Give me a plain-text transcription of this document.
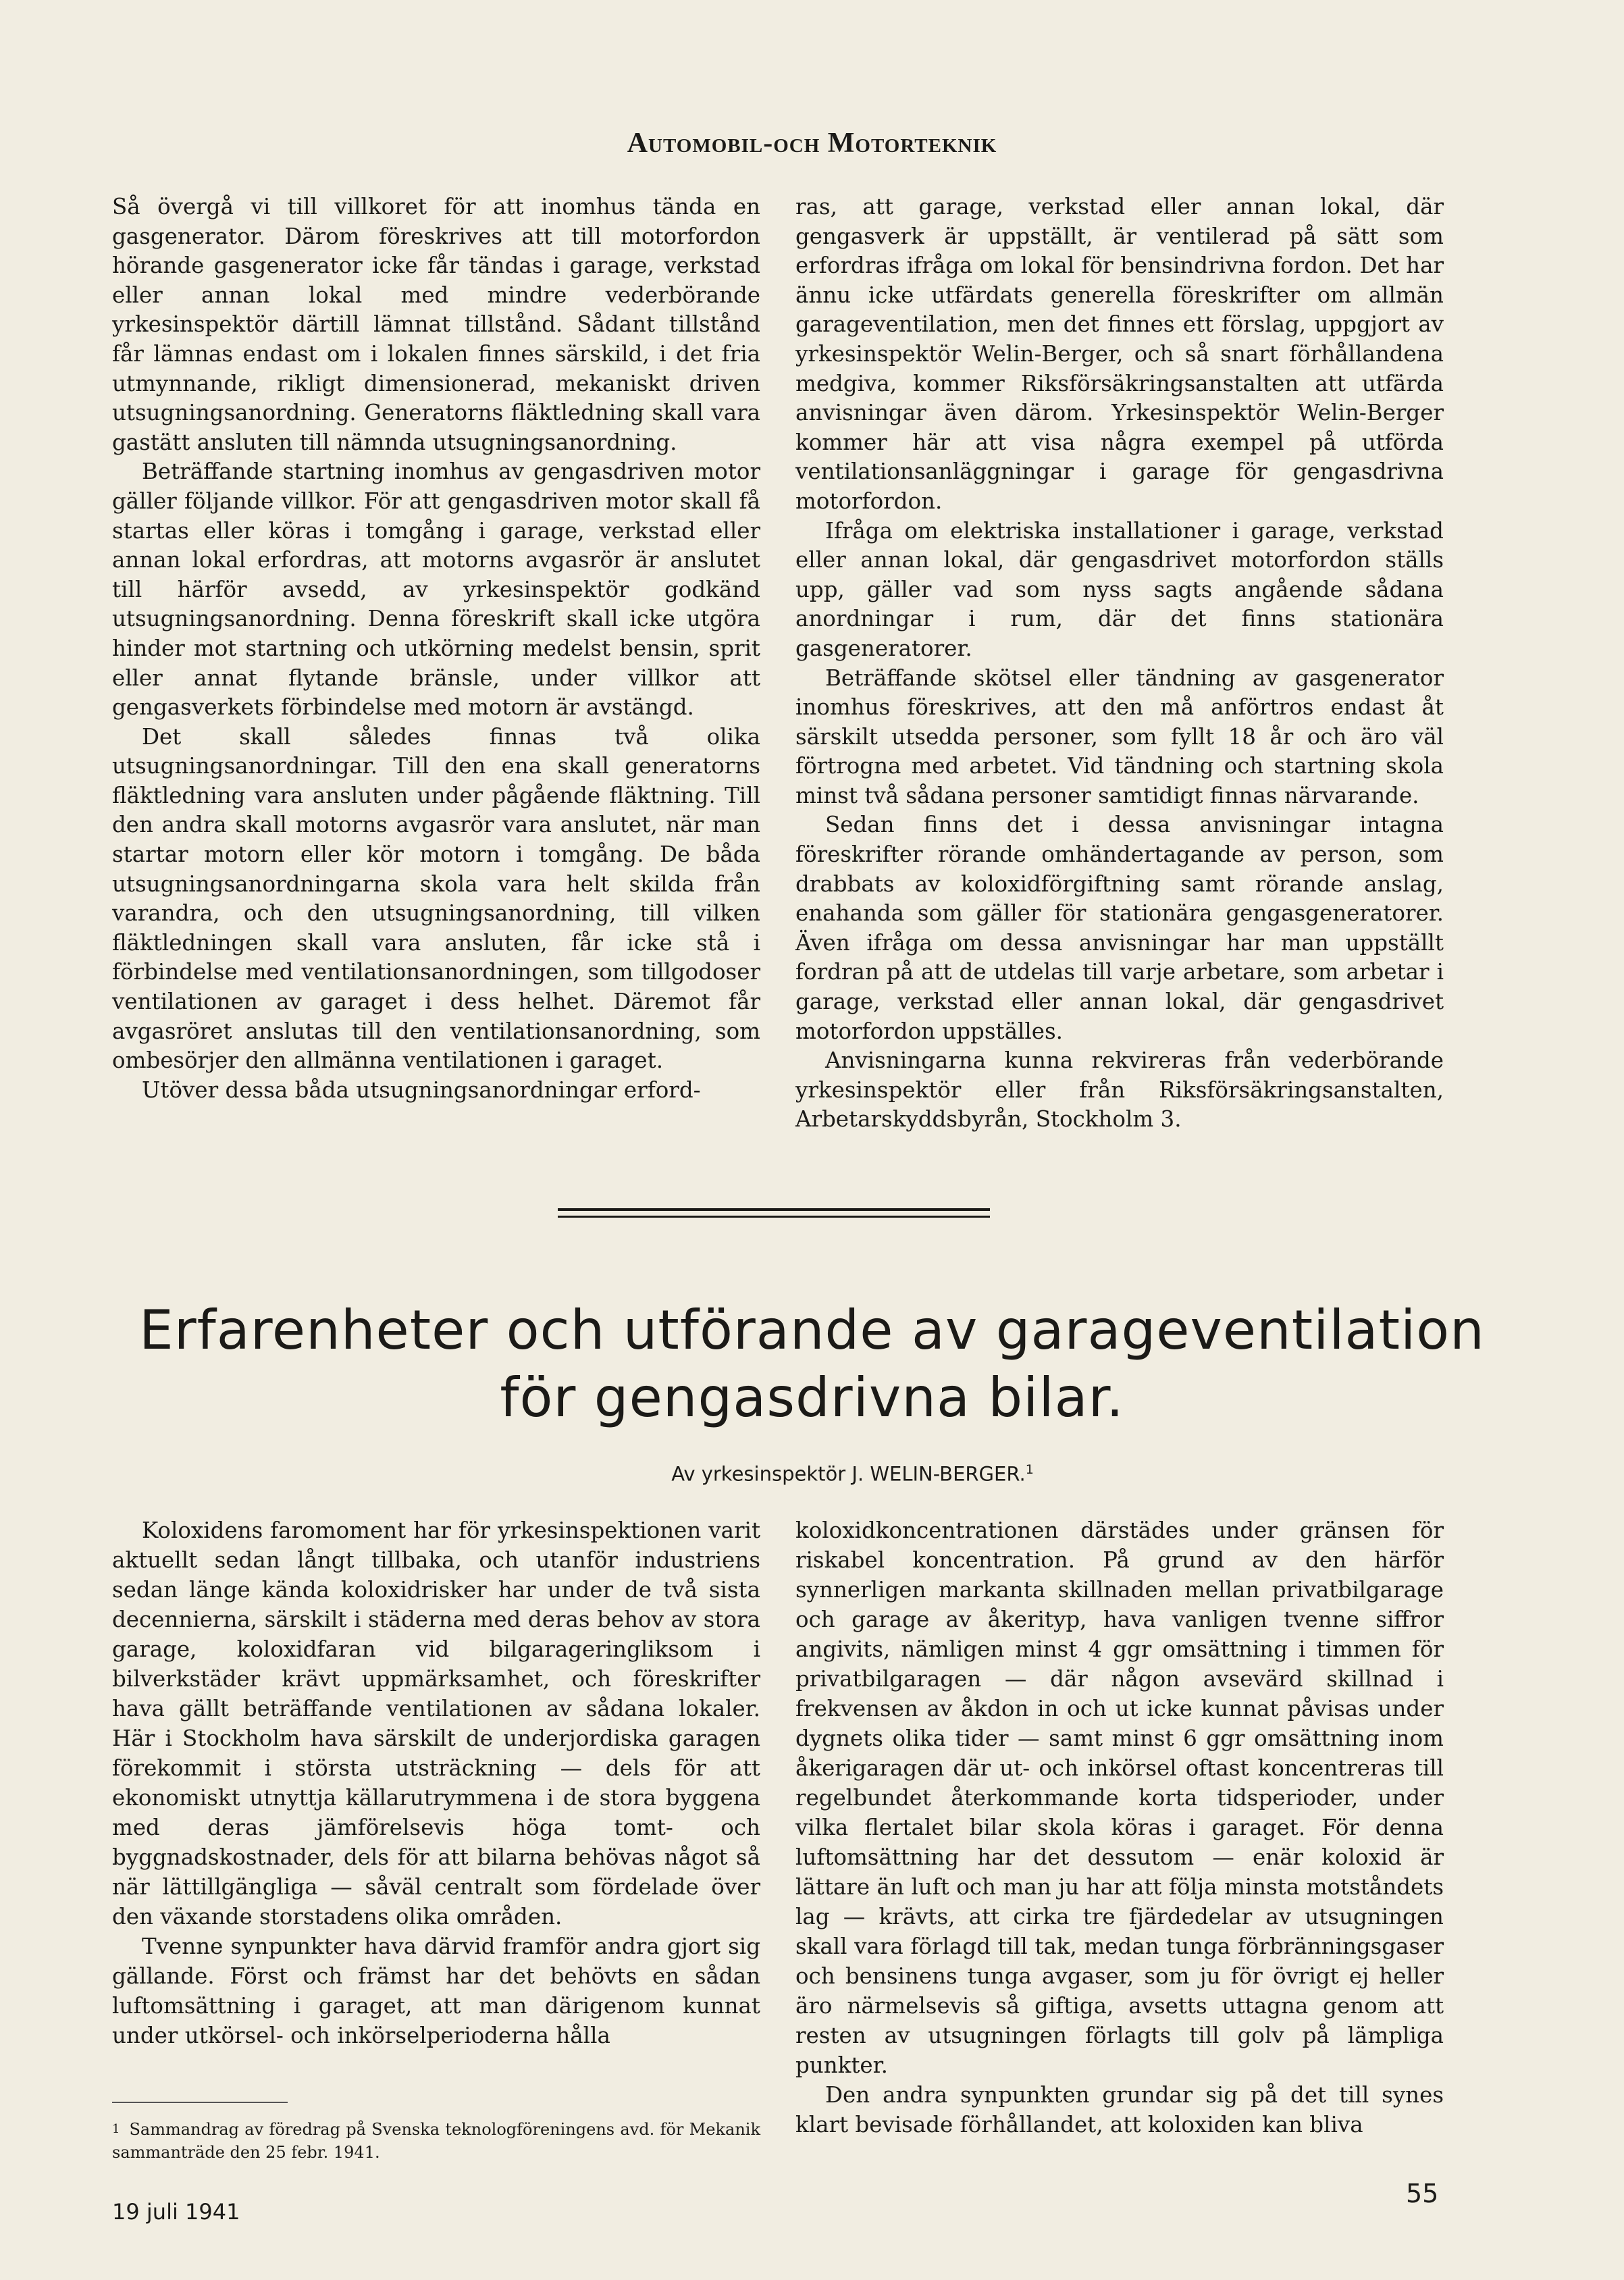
Automobil-och Motorteknik

Så övergå vi till villkoret för att inomhus tända en gasgenerator. Därom föreskrives att till motorfordon hörande gasgenerator icke får tändas i garage, verkstad eller annan lokal med mindre vederbörande yrkesinspektör därtill lämnat tillstånd. Sådant tillstånd får lämnas endast om i lokalen finnes särskild, i det fria utmynnande, rikligt dimensionerad, mekaniskt driven utsugningsanordning. Generatorns fläktledning skall vara gastätt ansluten till nämnda utsugningsanordning.

Beträffande startning inomhus av gengasdriven motor gäller följande villkor. För att gengasdriven motor skall få startas eller köras i tomgång i garage, verkstad eller annan lokal erfordras, att motorns avgasrör är anslutet till härför avsedd, av yrkesinspektör godkänd utsugningsanordning. Denna föreskrift skall icke utgöra hinder mot startning och utkörning medelst bensin, sprit eller annat flytande bränsle, under villkor att gengasverkets förbindelse med motorn är avstängd.

Det skall således finnas två olika utsugningsanordningar. Till den ena skall generatorns fläktledning vara ansluten under pågående fläktning. Till den andra skall motorns avgasrör vara anslutet, när man startar motorn eller kör motorn i tomgång. De båda utsugningsanordningarna skola vara helt skilda från varandra, och den utsugningsanordning, till vilken fläktledningen skall vara ansluten, får icke stå i förbindelse med ventilationsanordningen, som tillgodoser ventilationen av garaget i dess helhet. Däremot får avgasröret anslutas till den ventilationsanordning, som ombesörjer den allmänna ventilationen i garaget.

Utöver dessa båda utsugningsanordningar erford-

ras, att garage, verkstad eller annan lokal, där gengasverk är uppställt, är ventilerad på sätt som erfordras ifråga om lokal för bensindrivna fordon. Det har ännu icke utfärdats generella föreskrifter om allmän garageventilation, men det finnes ett förslag, uppgjort av yrkesinspektör Welin-Berger, och så snart förhållandena medgiva, kommer Riksförsäkringsanstalten att utfärda anvisningar även därom. Yrkesinspektör Welin-Berger kommer här att visa några exempel på utförda ventilationsanläggningar i garage för gengasdrivna motorfordon.

Ifråga om elektriska installationer i garage, verkstad eller annan lokal, där gengasdrivet motorfordon ställs upp, gäller vad som nyss sagts angående sådana anordningar i rum, där det finns stationära gasgeneratorer.

Beträffande skötsel eller tändning av gasgenerator inomhus föreskrives, att den må anförtros endast åt särskilt utsedda personer, som fyllt 18 år och äro väl förtrogna med arbetet. Vid tändning och startning skola minst två sådana personer samtidigt finnas närvarande.

Sedan finns det i dessa anvisningar intagna föreskrifter rörande omhändertagande av person, som drabbats av koloxidförgiftning samt rörande anslag, enahanda som gäller för stationära gengasgeneratorer. Även ifråga om dessa anvisningar har man uppställt fordran på att de utdelas till varje arbetare, som arbetar i garage, verkstad eller annan lokal, där gengasdrivet motorfordon uppställes.

Anvisningarna kunna rekvireras från vederbörande yrkesinspektör eller från Riksförsäkringsanstalten, Arbetarskyddsbyrån, Stockholm 3.

Erfarenheter och utförande av garageventilation
för gengasdrivna bilar.
Av yrkesinspektör J. WELIN-BERGER.$^1$

Koloxidens faromoment har för yrkesinspektionen varit aktuellt sedan långt tillbaka, och utanför industriens sedan länge kända koloxidrisker har under de två sista decennierna, särskilt i städerna med deras behov av stora garage, koloxidfaran vid bilgarageringliksom i bilverkstäder krävt uppmärksamhet, och föreskrifter hava gällt beträffande ventilationen av sådana lokaler. Här i Stockholm hava särskilt de underjordiska garagen förekommit i största utsträckning — dels för att ekonomiskt utnyttja källarutrymmena i de stora byggena med deras jämförelsevis höga tomt- och byggnadskostnader, dels för att bilarna behövas något så när lättillgängliga — såväl centralt som fördelade över den växande storstadens olika områden.

Tvenne synpunkter hava därvid framför andra gjort sig gällande. Först och främst har det behövts en sådan luftomsättning i garaget, att man därigenom kunnat under utkörsel- och inkörselperioderna hålla

koloxidkoncentrationen därstädes under gränsen för riskabel koncentration. På grund av den härför synnerligen markanta skillnaden mellan privatbilgarage och garage av åkerityp, hava vanligen tvenne siffror angivits, nämligen minst 4 ggr omsättning i timmen för privatbilgaragen — där någon avsevärd skillnad i frekvensen av åkdon in och ut icke kunnat påvisas under dygnets olika tider — samt minst 6 ggr omsättning inom åkerigaragen där ut- och inkörsel oftast koncentreras till regelbundet återkommande korta tidsperioder, under vilka flertalet bilar skola köras i garaget. För denna luftomsättning har det dessutom — enär koloxid är lättare än luft och man ju har att följa minsta motståndets lag — krävts, att cirka tre fjärdedelar av utsugningen skall vara förlagd till tak, medan tunga förbränningsgaser och bensinens tunga avgaser, som ju för övrigt ej heller äro närmelsevis så giftiga, avsetts uttagna genom att resten av utsugningen förlagts till golv på lämpliga punkter.

Den andra synpunkten grundar sig på det till synes klart bevisade förhållandet, att koloxiden kan bliva

$^1$ Sammandrag av föredrag på Svenska teknologföreningens avd. för Mekanik sammanträde den 25 febr. 1941.
19 juli 1941
55
